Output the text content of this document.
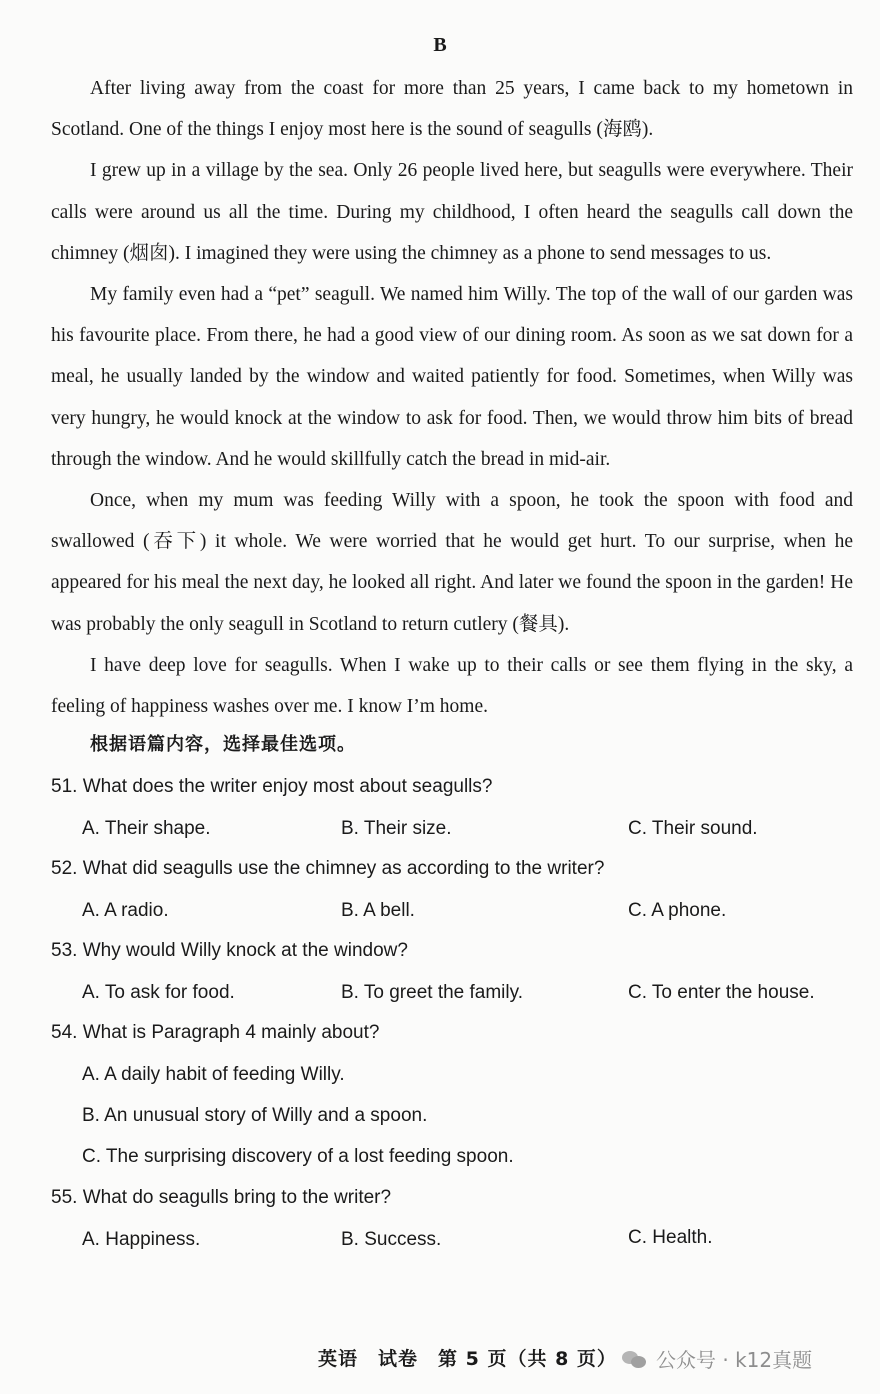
B

After living away from the coast for more than 25 years, I came back to my hometown in Scotland. One of the things I enjoy most here is the sound of seagulls (海鸥).

I grew up in a village by the sea. Only 26 people lived here, but seagulls were everywhere. Their calls were around us all the time. During my childhood, I often heard the seagulls call down the chimney (烟囱). I imagined they were using the chimney as a phone to send messages to us.

My family even had a “pet” seagull. We named him Willy. The top of the wall of our garden was his favourite place. From there, he had a good view of our dining room. As soon as we sat down for a meal, he usually landed by the window and waited patiently for food. Sometimes, when Willy was very hungry, he would knock at the window to ask for food. Then, we would throw him bits of bread through the window. And he would skillfully catch the bread in mid-air.

Once, when my mum was feeding Willy with a spoon, he took the spoon with food and swallowed (吞下) it whole. We were worried that he would get hurt. To our surprise, when he appeared for his meal the next day, he looked all right. And later we found the spoon in the garden! He was probably the only seagull in Scotland to return cutlery (餐具).

I have deep love for seagulls. When I wake up to their calls or see them flying in the sky, a feeling of happiness washes over me. I know I’m home.

根据语篇内容，选择最佳选项。
51. What does the writer enjoy most about seagulls?
A. Their shape.	B. Their size.	C. Their sound.
52. What did seagulls use the chimney as according to the writer?
A. A radio.	B. A bell.	C. A phone.
53. Why would Willy knock at the window?
A. To ask for food.	B. To greet the family.	C. To enter the house.
54. What is Paragraph 4 mainly about?
A. A daily habit of feeding Willy.
B. An unusual story of Willy and a spoon.
C. The surprising discovery of a lost feeding spoon.
55. What do seagulls bring to the writer?
A. Happiness.	B. Success.	C. Health.
英语　试卷　第 5 页（共 8 页） 公众号 · k12真题
